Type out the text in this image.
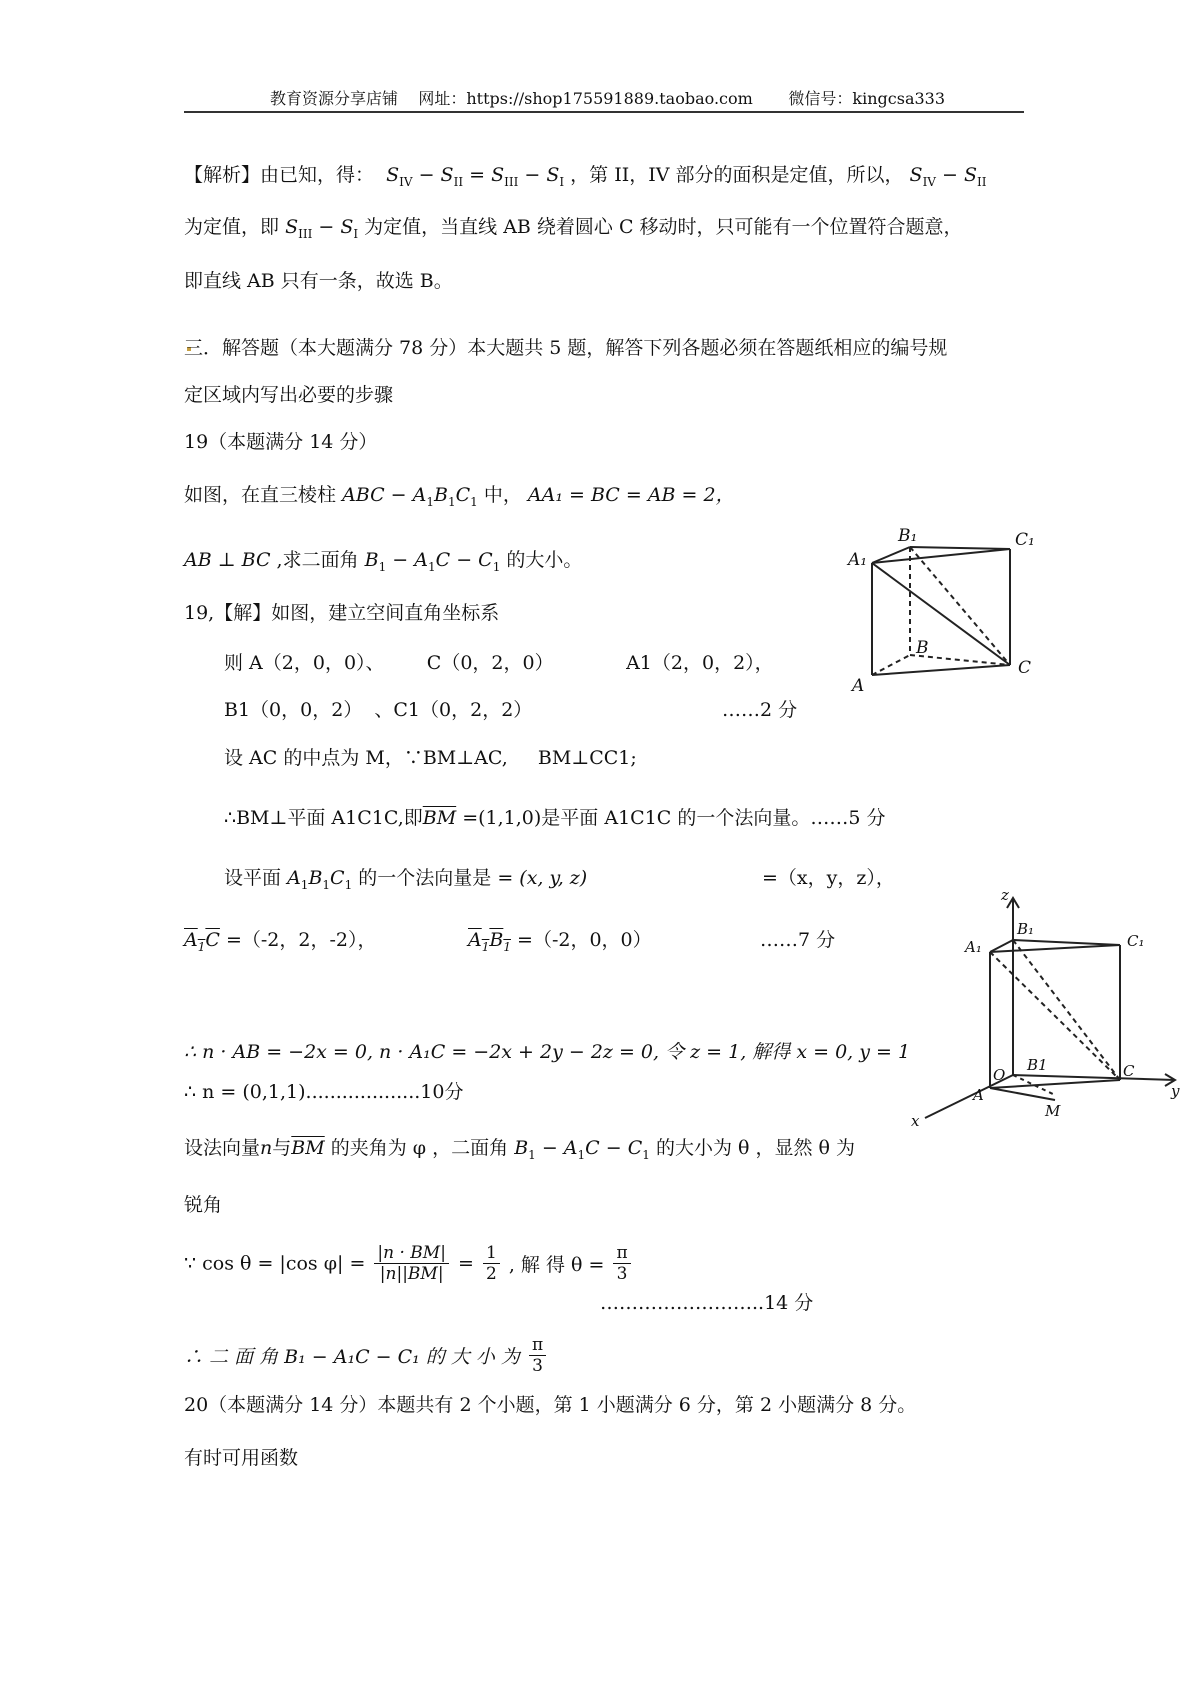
教育资源分享店铺    网址：https://shop175591889.taobao.com       微信号：kingcsa333
【解析】由已知，得： $S_{IV} - S_{II} = S_{III} - S_I$ ，第 II，IV 部分的面积是定值，所以， $S_{IV} - S_{II}$
为定值，即 $S_{III} - S_I$ 为定值，当直线 AB 绕着圆心 C 移动时，只可能有一个位置符合题意，
即直线 AB 只有一条，故选 B。
三．解答题（本大题满分 78 分）本大题共 5 题，解答下列各题必须在答题纸相应的编号规
定区域内写出必要的步骤
19（本题满分 14 分）
如图，在直三棱柱 ABC − $A_1B_1C_1$ 中， AA₁ = BC = AB = 2，
AB ⊥ BC ,求二面角 $B_1 - A_1C - C_1$ 的大小。
B₁	C₁
A₁
B
A
C
19,【解】如图，建立空间直角坐标系
则 A（2，0，0）、       C（0，2，0）            A1（2，0，2），
B1（0，0，2）  、C1（0，2，2）	……2 分
设 AC 的中点为 M，∵BM⊥AC,     BM⊥CC1;
∴BM⊥平面 A1C1C,即$\overline{BM} =(1,1,0)$是平面 A1C1C 的一个法向量。……5 分
设平面 $A_1B_1C_1$ 的一个法向量是 = (x, y, z)	=（x，y，z），
$A_1C =(-2$，2，-2），	$A_1B_1 =(-2$，0，0）	……7 分
∴ n · AB = −2x = 0, n · A₁C = −2x + 2y − 2z = 0, 令 z = 1, 解得 x = 0, y = 1
∴ n = (0,1,1)...................10分
设法向量n与$\overline{BM}$ 的夹角为 φ ，二面角 $B_1 - A_1C - C_1$ 的大小为 θ ，显然 θ 为
锐角
∵ cos θ = |cos $\varphi| = \frac{|n \cdot BM|}{|n||BM|} = \frac{1}{2}$ , 解 得 $\theta = \frac{\pi}{3}$
……………………..14 分
∴ 二 面 角 B₁ − A₁C − C₁ 的 大 小 为 $\frac{\pi}{3}$
z
B₁
C₁
A₁
O
B1	C
A
M
x
y
20（本题满分 14 分）本题共有 2 个小题，第 1 小题满分 6 分，第 2 小题满分 8 分。
有时可用函数
